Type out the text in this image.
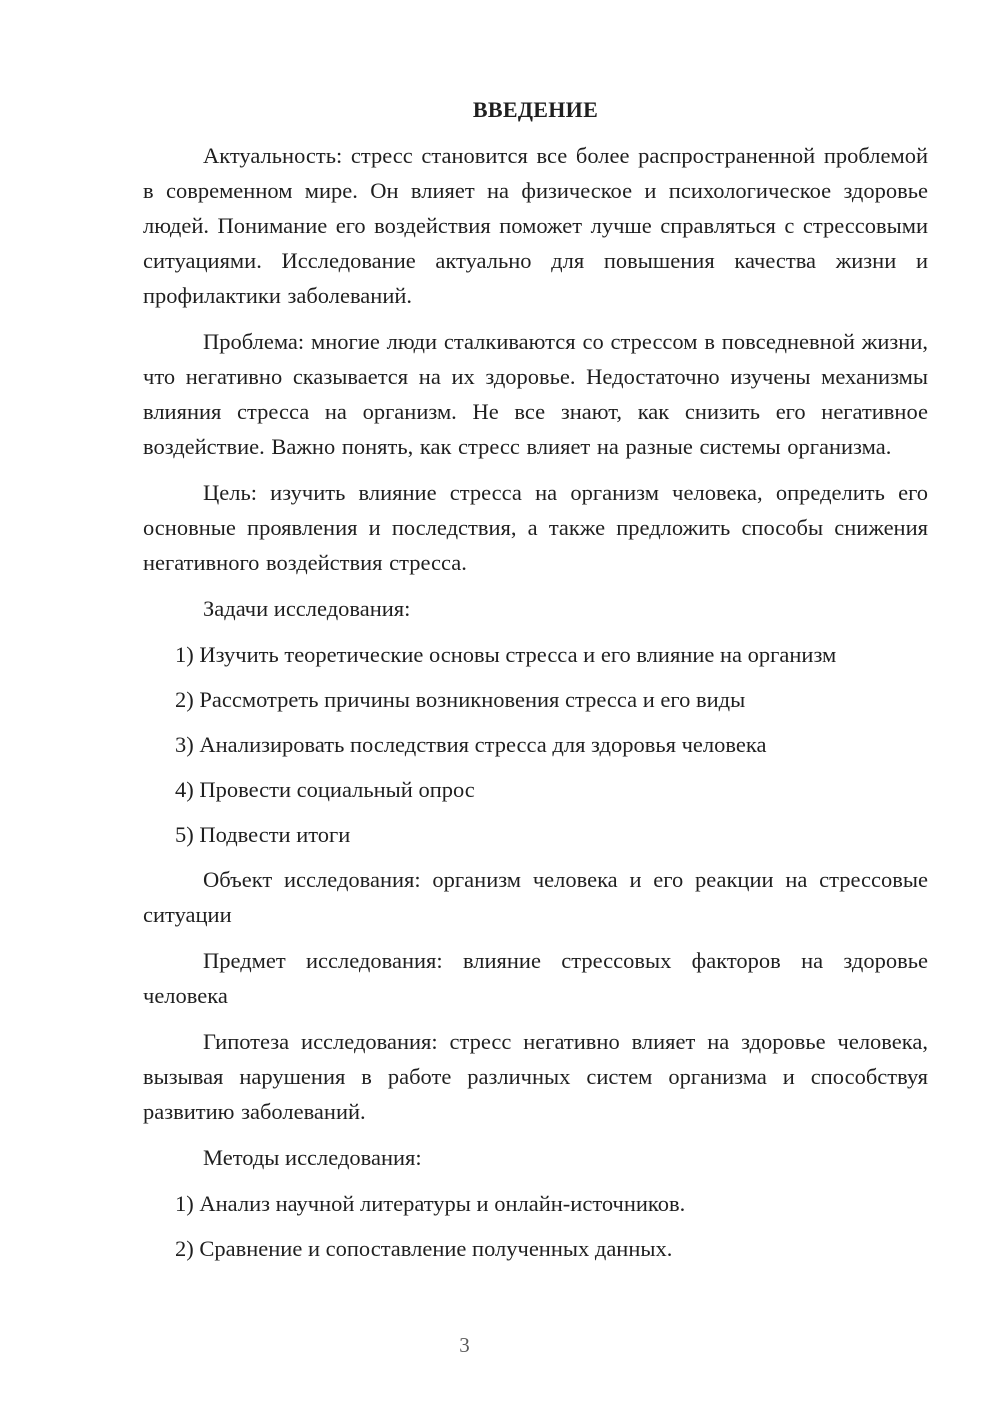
ВВЕДЕНИЕ

Актуальность: стресс становится все более распространенной проблемой в современном мире. Он влияет на физическое и психологическое здоровье людей. Понимание его воздействия поможет лучше справляться с стрессовыми ситуациями. Исследование актуально для повышения качества жизни и профилактики заболеваний.

Проблема: многие люди сталкиваются со стрессом в повседневной жизни, что негативно сказывается на их здоровье. Недостаточно изучены механизмы влияния стресса на организм. Не все знают, как снизить его негативное воздействие. Важно понять, как стресс влияет на разные системы организма.

Цель: изучить влияние стресса на организм человека, определить его основные проявления и последствия, а также предложить способы снижения негативного воздействия стресса.

Задачи исследования:

1) Изучить теоретические основы стресса и его влияние на организм
2) Рассмотреть причины возникновения стресса и его виды
3) Анализировать последствия стресса для здоровья человека
4) Провести социальный опрос
5) Подвести итоги

Объект исследования: организм человека и его реакции на стрессовые ситуации

Предмет исследования: влияние стрессовых факторов на здоровье человека

Гипотеза исследования: стресс негативно влияет на здоровье человека, вызывая нарушения в работе различных систем организма и способствуя развитию заболеваний.

Методы исследования:

1) Анализ научной литературы и онлайн-источников.
2) Сравнение и сопоставление полученных данных.
3
